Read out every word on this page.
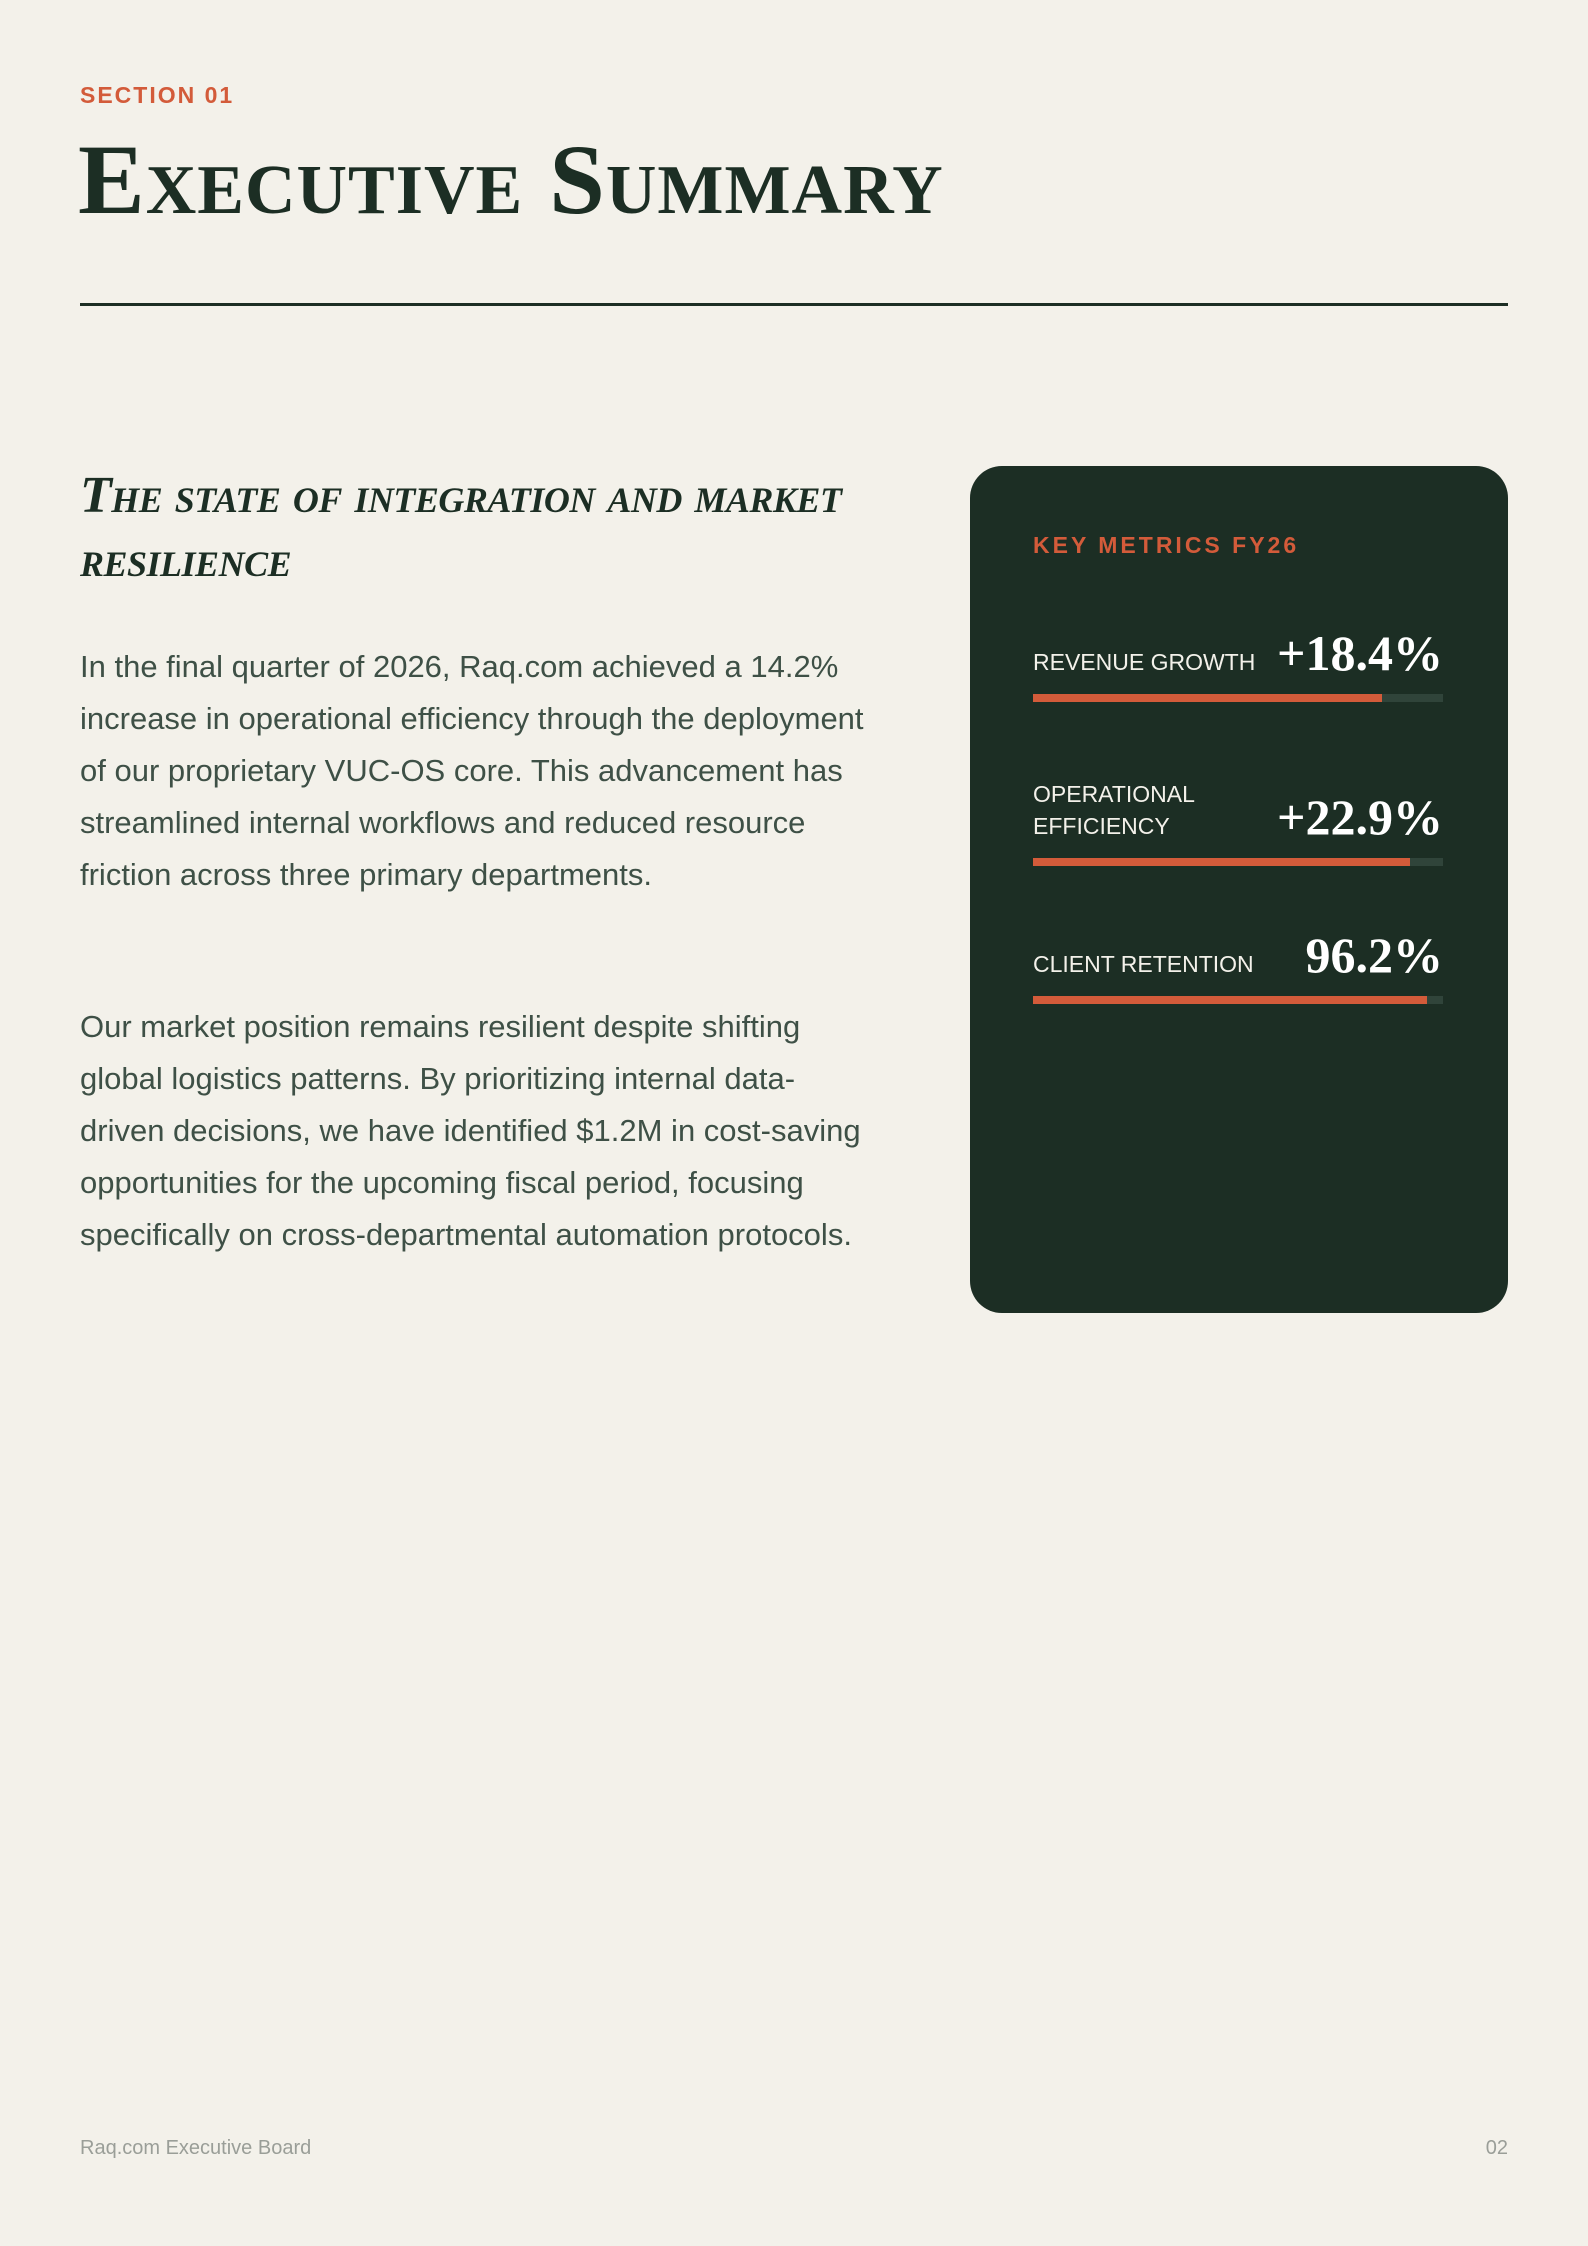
SECTION 01
Executive Summary
The state of integration and market resilience

In the final quarter of 2026, Raq.com achieved a 14.2% increase in operational efficiency through the deployment of our proprietary VUC-OS core. This advancement has streamlined internal workflows and reduced resource friction across three primary departments.

Our market position remains resilient despite shifting global logistics patterns. By prioritizing internal data-driven decisions, we have identified $1.2M in cost-saving opportunities for the upcoming fiscal period, focusing specifically on cross-departmental automation protocols.

KEY METRICS FY26
REVENUE GROWTH +18.4%
OPERATIONAL EFFICIENCY	+22.9%
CLIENT RETENTION 96.2%
Raq.com Executive Board	02
